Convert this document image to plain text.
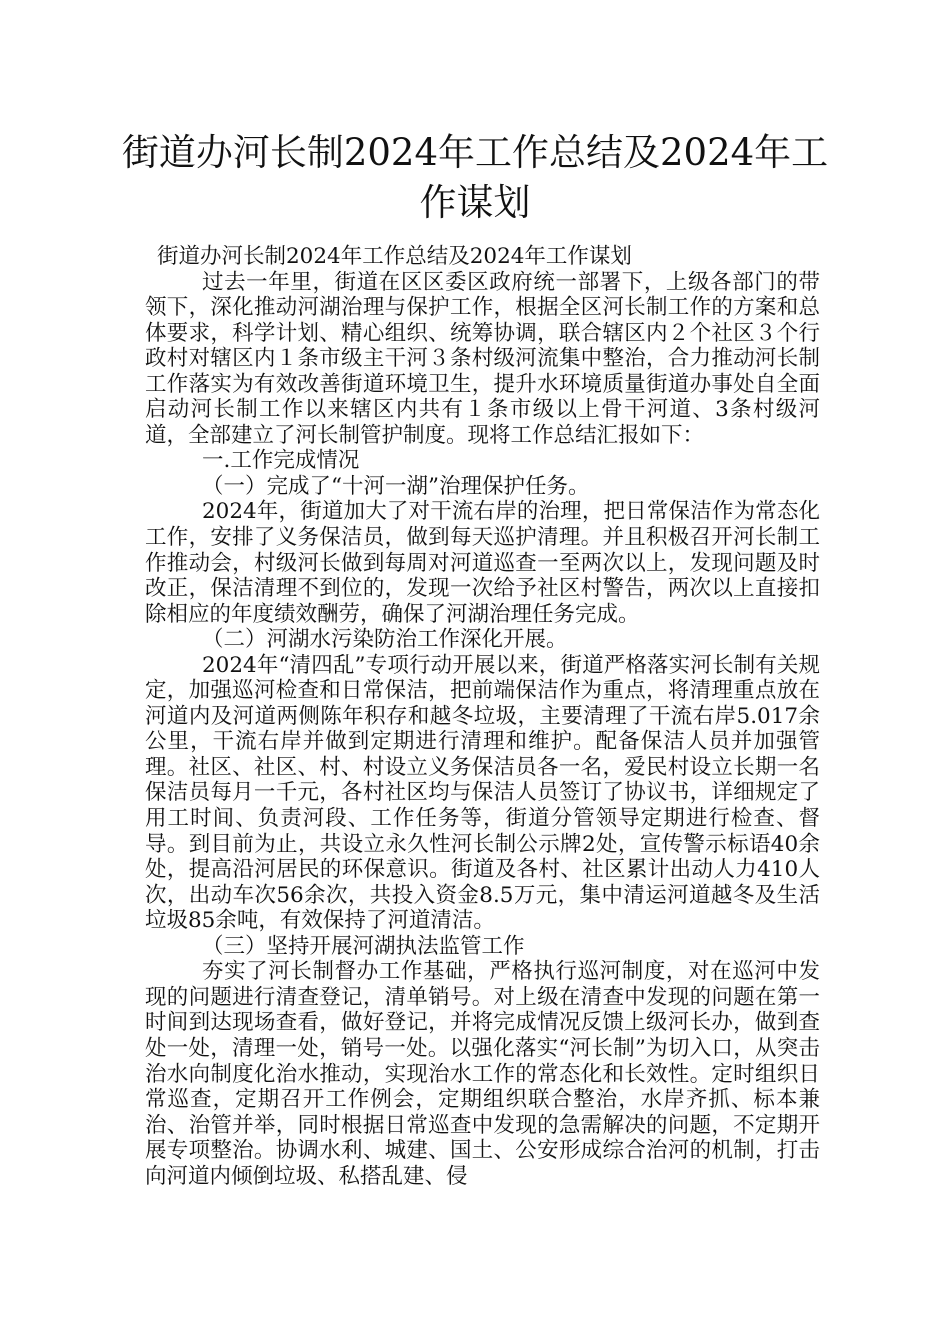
街道办河长制2024年工作总结及2024年工作谋划

街道办河长制2024年工作总结及2024年工作谋划

过去一年里，街道在区区委区政府统一部署下，上级各部门的带领下，深化推动河湖治理与保护工作，根据全区河长制工作的方案和总体要求，科学计划、精心组织、统筹协调，联合辖区内２个社区３个行政村对辖区内１条市级主干河３条村级河流集中整治，合力推动河长制工作落实为有效改善街道环境卫生，提升水环境质量街道办事处自全面启动河长制工作以来辖区内共有１条市级以上骨干河道、3条村级河道，全部建立了河长制管护制度。现将工作总结汇报如下：

一.工作完成情况

（一）完成了“十河一湖”治理保护任务。

2024年，街道加大了对干流右岸的治理，把日常保洁作为常态化工作，安排了义务保洁员，做到每天巡护清理。并且积极召开河长制工作推动会，村级河长做到每周对河道巡查一至两次以上，发现问题及时改正，保洁清理不到位的，发现一次给予社区村警告，两次以上直接扣除相应的年度绩效酬劳，确保了河湖治理任务完成。

（二）河湖水污染防治工作深化开展。

2024年“清四乱”专项行动开展以来，街道严格落实河长制有关规定，加强巡河检查和日常保洁，把前端保洁作为重点，将清理重点放在河道内及河道两侧陈年积存和越冬垃圾，主要清理了干流右岸5.017余公里，干流右岸并做到定期进行清理和维护。配备保洁人员并加强管理。社区、社区、村、村设立义务保洁员各一名，爱民村设立长期一名保洁员每月一千元，各村社区均与保洁人员签订了协议书，详细规定了用工时间、负责河段、工作任务等，街道分管领导定期进行检查、督导。到目前为止，共设立永久性河长制公示牌2处，宣传警示标语40余处，提高沿河居民的环保意识。街道及各村、社区累计出动人力410人次，出动车次56余次，共投入资金8.5万元，集中清运河道越冬及生活垃圾85余吨，有效保持了河道清洁。

（三）坚持开展河湖执法监管工作

夯实了河长制督办工作基础，严格执行巡河制度，对在巡河中发现的问题进行清查登记，清单销号。对上级在清查中发现的问题在第一时间到达现场查看，做好登记，并将完成情况反馈上级河长办，做到查处一处，清理一处，销号一处。以强化落实“河长制”为切入口，从突击治水向制度化治水推动，实现治水工作的常态化和长效性。定时组织日常巡查，定期召开工作例会，定期组织联合整治，水岸齐抓、标本兼治、治管并举，同时根据日常巡查中发现的急需解决的问题，不定期开展专项整治。协调水利、城建、国土、公安形成综合治河的机制，打击向河道内倾倒垃圾、私搭乱建、侵
